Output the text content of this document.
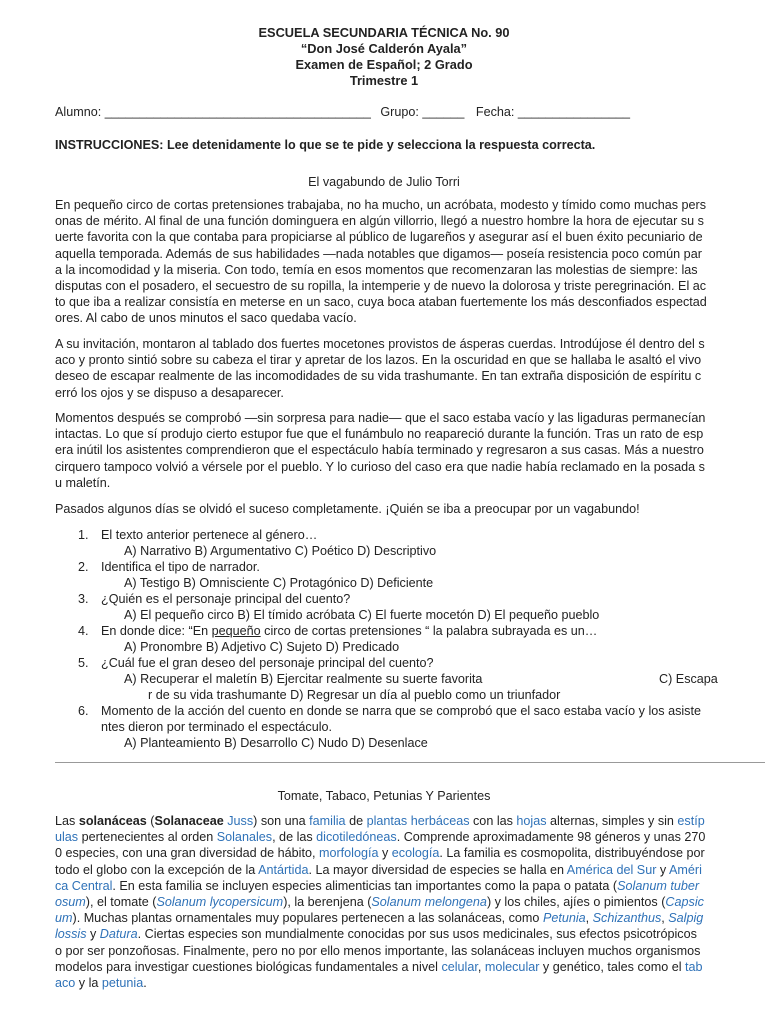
ESCUELA SECUNDARIA TÉCNICA No. 90
“Don José Calderón Ayala”
Examen de Español; 2 Grado
Trimestre 1
Alumno: ______________________________________ Grupo: ______ Fecha: ________________
INSTRUCCIONES: Lee detenidamente lo que se te pide y selecciona la respuesta correcta.
El vagabundo de Julio Torri
En pequeño circo de cortas pretensiones trabajaba, no ha mucho, un acróbata, modesto y tímido como muchas pers
onas de mérito. Al final de una función dominguera en algún villorrio, llegó a nuestro hombre la hora de ejecutar su s
uerte favorita con la que contaba para propiciarse al público de lugareños y asegurar así el buen éxito pecuniario de
aquella temporada. Además de sus habilidades —nada notables que digamos— poseía resistencia poco común par
a la incomodidad y la miseria. Con todo, temía en esos momentos que recomenzaran las molestias de siempre: las
disputas con el posadero, el secuestro de su ropilla, la intemperie y de nuevo la dolorosa y triste peregrinación. El ac
to que iba a realizar consistía en meterse en un saco, cuya boca ataban fuertemente los más desconfiados espectad
ores. Al cabo de unos minutos el saco quedaba vacío.
A su invitación, montaron al tablado dos fuertes mocetones provistos de ásperas cuerdas. Introdújose él dentro del s
aco y pronto sintió sobre su cabeza el tirar y apretar de los lazos. En la oscuridad en que se hallaba le asaltó el vivo
deseo de escapar realmente de las incomodidades de su vida trashumante. En tan extraña disposición de espíritu c
erró los ojos y se dispuso a desaparecer.
Momentos después se comprobó —sin sorpresa para nadie— que el saco estaba vacío y las ligaduras permanecían
intactas. Lo que sí produjo cierto estupor fue que el funámbulo no reapareció durante la función. Tras un rato de esp
era inútil los asistentes comprendieron que el espectáculo había terminado y regresaron a sus casas. Más a nuestro
cirquero tampoco volvió a vérsele por el pueblo. Y lo curioso del caso era que nadie había reclamado en la posada s
u maletín.
Pasados algunos días se olvidó el suceso completamente. ¡Quién se iba a preocupar por un vagabundo!
1. El texto anterior pertenece al género…
A) Narrativo B) Argumentativo C) Poético D) Descriptivo
2. Identifica el tipo de narrador.
A) Testigo B) Omnisciente C) Protagónico D) Deficiente
3. ¿Quién es el personaje principal del cuento?
A) El pequeño circo B) El tímido acróbata C) El fuerte mocetón D) El pequeño pueblo
4. En donde dice: “En pequeño circo de cortas pretensiones “ la palabra subrayada es un…
A) Pronombre B) Adjetivo C) Sujeto D) Predicado
5. ¿Cuál fue el gran deseo del personaje principal del cuento?
A) Recuperar el maletín B) Ejercitar realmente su suerte favorita	C) Escapa
r de su vida trashumante D) Regresar un día al pueblo como un triunfador
6. Momento de la acción del cuento en donde se narra que se comprobó que el saco estaba vacío y los asiste
ntes dieron por terminado el espectáculo.
A) Planteamiento B) Desarrollo C) Nudo D) Desenlace
Tomate, Tabaco, Petunias Y Parientes
Las solanáceas (Solanaceae Juss) son una familia de plantas herbáceas con las hojas alternas, simples y sin estíp
ulas pertenecientes al orden Solanales, de las dicotiledóneas. Comprende aproximadamente 98 géneros y unas 270
0 especies, con una gran diversidad de hábito, morfología y ecología. La familia es cosmopolita, distribuyéndose por
todo el globo con la excepción de la Antártida. La mayor diversidad de especies se halla en América del Sur y Améri
ca Central. En esta familia se incluyen especies alimenticias tan importantes como la papa o patata (Solanum tuber
osum), el tomate (Solanum lycopersicum), la berenjena (Solanum melongena) y los chiles, ajíes o pimientos (Capsic
um). Muchas plantas ornamentales muy populares pertenecen a las solanáceas, como Petunia, Schizanthus, Salpig
lossis y Datura. Ciertas especies son mundialmente conocidas por sus usos medicinales, sus efectos psicotrópicos
o por ser ponzoñosas. Finalmente, pero no por ello menos importante, las solanáceas incluyen muchos organismos
modelos para investigar cuestiones biológicas fundamentales a nivel celular, molecular y genético, tales como el tab
aco y la petunia.
